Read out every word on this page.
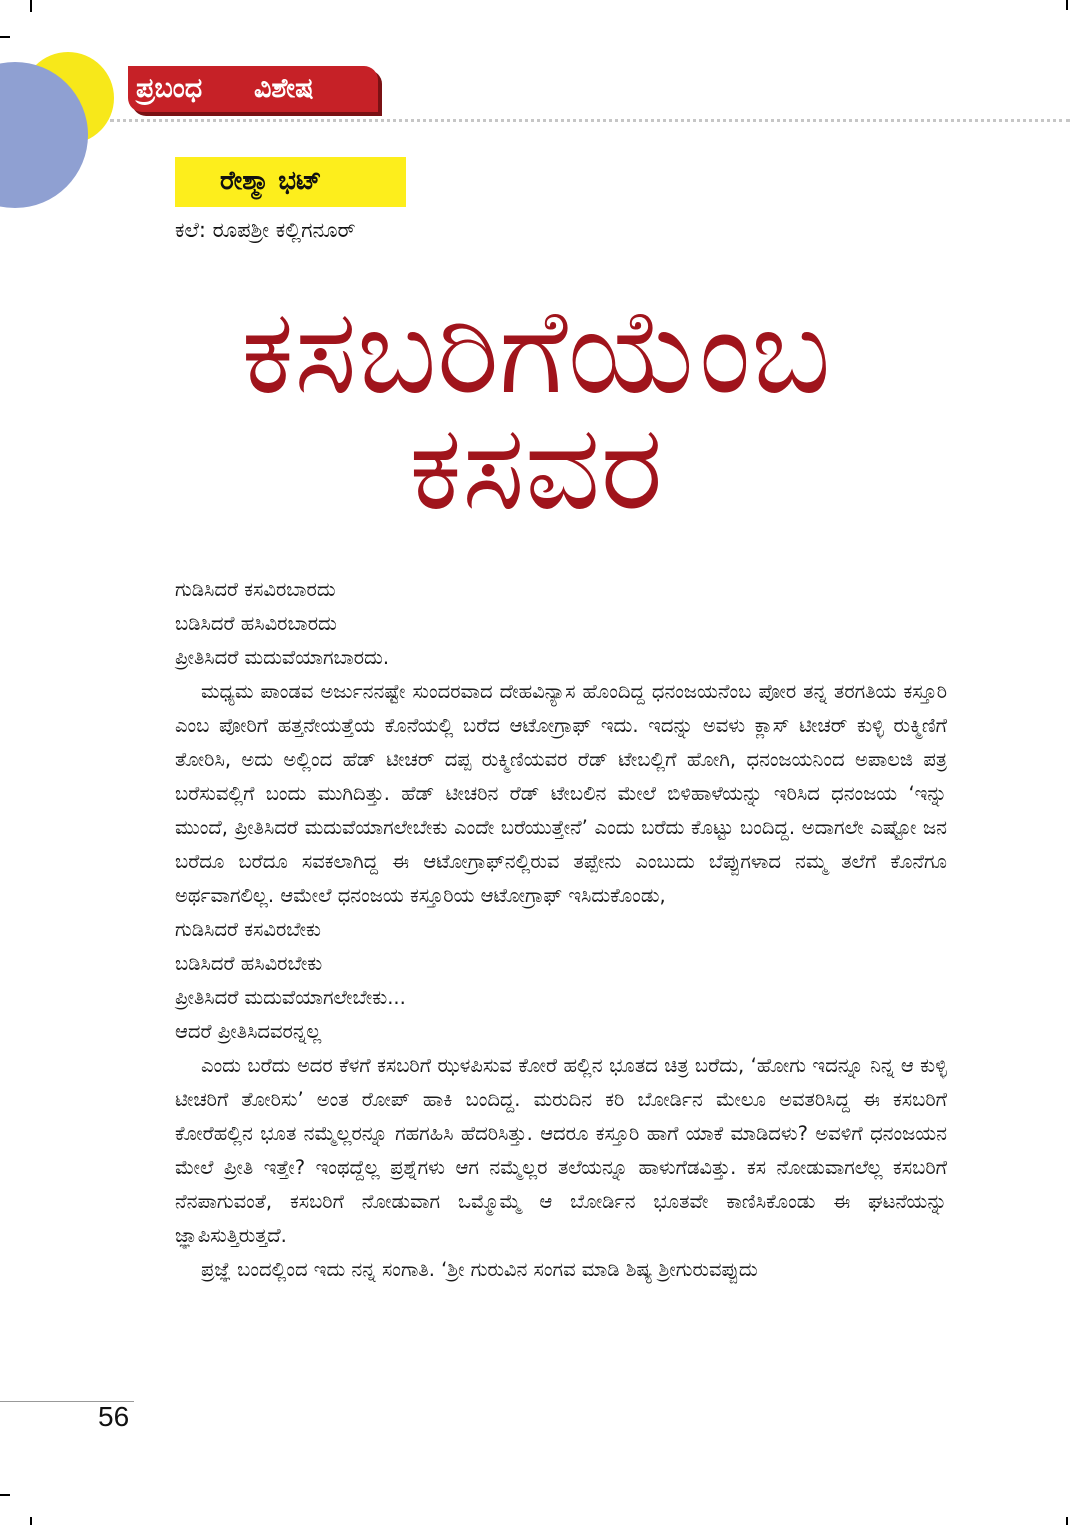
ಪ್ರಬಂಧ ವಿಶೇಷ
ರೇಶ್ಮಾ ಭಟ್
ಕಲೆ: ರೂಪಶ್ರೀ ಕಲ್ಲಿಗನೂರ್
ಕಸಬರಿಗೆಯೆಂಬ
ಕಸವರ
ಗುಡಿಸಿದರೆ ಕಸವಿರಬಾರದು
ಬಡಿಸಿದರೆ ಹಸಿವಿರಬಾರದು
ಪ್ರೀತಿಸಿದರೆ ಮದುವೆಯಾಗಬಾರದು.

ಮಧ್ಯಮ ಪಾಂಡವ ಅರ್ಜುನನಷ್ಟೇ ಸುಂದರವಾದ ದೇಹವಿನ್ಯಾಸ ಹೊಂದಿದ್ದ ಧನಂಜಯನೆಂಬ ಪೋರ ತನ್ನ ತರಗತಿಯ ಕಸ್ತೂರಿ ಎಂಬ ಪೋರಿಗೆ ಹತ್ತನೇಯತ್ತೆಯ ಕೊನೆಯಲ್ಲಿ ಬರೆದ ಆಟೋಗ್ರಾಫ್ ಇದು. ಇದನ್ನು ಅವಳು ಕ್ಲಾಸ್ ಟೀಚರ್ ಕುಳ್ಳಿ ರುಕ್ಮಿಣಿಗೆ ತೋರಿಸಿ, ಅದು ಅಲ್ಲಿಂದ ಹೆಡ್ ಟೀಚರ್ ದಪ್ಪ ರುಕ್ಮಿಣಿಯವರ ರೆಡ್ ಟೇಬಲ್ಲಿಗೆ ಹೋಗಿ, ಧನಂಜಯನಿಂದ ಅಪಾಲಜಿ ಪತ್ರ ಬರೆಸುವಲ್ಲಿಗೆ ಬಂದು ಮುಗಿದಿತ್ತು. ಹೆಡ್ ಟೀಚರಿನ ರೆಡ್ ಟೇಬಲಿನ ಮೇಲೆ ಬಿಳಿಹಾಳೆಯನ್ನು ಇರಿಸಿದ ಧನಂಜಯ ‘ಇನ್ನು ಮುಂದೆ, ಪ್ರೀತಿಸಿದರೆ ಮದುವೆಯಾಗಲೇಬೇಕು ಎಂದೇ ಬರೆಯುತ್ತೇನೆ’ ಎಂದು ಬರೆದು ಕೊಟ್ಟು ಬಂದಿದ್ದ. ಅದಾಗಲೇ ಎಷ್ಟೋ ಜನ ಬರೆದೂ ಬರೆದೂ ಸವಕಲಾಗಿದ್ದ ಈ ಆಟೋಗ್ರಾಫ್‌ನಲ್ಲಿರುವ ತಪ್ಪೇನು ಎಂಬುದು ಬೆಪ್ಪುಗಳಾದ ನಮ್ಮ ತಲೆಗೆ ಕೊನೆಗೂ ಅರ್ಥವಾಗಲಿಲ್ಲ. ಆಮೇಲೆ ಧನಂಜಯ ಕಸ್ತೂರಿಯ ಆಟೋಗ್ರಾಫ್ ಇಸಿದುಕೊಂಡು,

ಗುಡಿಸಿದರೆ ಕಸವಿರಬೇಕು
ಬಡಿಸಿದರೆ ಹಸಿವಿರಬೇಕು
ಪ್ರೀತಿಸಿದರೆ ಮದುವೆಯಾಗಲೇಬೇಕು...
ಆದರೆ ಪ್ರೀತಿಸಿದವರನ್ನಲ್ಲ

ಎಂದು ಬರೆದು ಅದರ ಕೆಳಗೆ ಕಸಬರಿಗೆ ಝಳಪಿಸುವ ಕೋರೆ ಹಲ್ಲಿನ ಭೂತದ ಚಿತ್ರ ಬರೆದು, ‘ಹೋಗು ಇದನ್ನೂ ನಿನ್ನ ಆ ಕುಳ್ಳಿ ಟೀಚರಿಗೆ ತೋರಿಸು’ ಅಂತ ರೋಪ್ ಹಾಕಿ ಬಂದಿದ್ದ. ಮರುದಿನ ಕರಿ ಬೋರ್ಡಿನ ಮೇಲೂ ಅವತರಿಸಿದ್ದ ಈ ಕಸಬರಿಗೆ ಕೋರೆಹಲ್ಲಿನ ಭೂತ ನಮ್ಮೆಲ್ಲರನ್ನೂ ಗಹಗಹಿಸಿ ಹೆದರಿಸಿತ್ತು. ಆದರೂ ಕಸ್ತೂರಿ ಹಾಗೆ ಯಾಕೆ ಮಾಡಿದಳು? ಅವಳಿಗೆ ಧನಂಜಯನ ಮೇಲೆ ಪ್ರೀತಿ ಇತ್ತೇ? ಇಂಥದ್ದೆಲ್ಲ ಪ್ರಶ್ನೆಗಳು ಆಗ ನಮ್ಮೆಲ್ಲರ ತಲೆಯನ್ನೂ ಹಾಳುಗೆಡವಿತ್ತು. ಕಸ ನೋಡುವಾಗಲೆಲ್ಲ ಕಸಬರಿಗೆ ನೆನಪಾಗುವಂತೆ, ಕಸಬರಿಗೆ ನೋಡುವಾಗ ಒಮ್ಮೊಮ್ಮೆ ಆ ಬೋರ್ಡಿನ ಭೂತವೇ ಕಾಣಿಸಿಕೊಂಡು ಈ ಘಟನೆಯನ್ನು ಜ್ಞಾಪಿಸುತ್ತಿರುತ್ತದೆ.

ಪ್ರಜ್ಞೆ ಬಂದಲ್ಲಿಂದ ಇದು ನನ್ನ ಸಂಗಾತಿ. ‘ಶ್ರೀ ಗುರುವಿನ ಸಂಗವ ಮಾಡಿ ಶಿಷ್ಯ ಶ್ರೀಗುರುವಪ್ಪುದು

56
